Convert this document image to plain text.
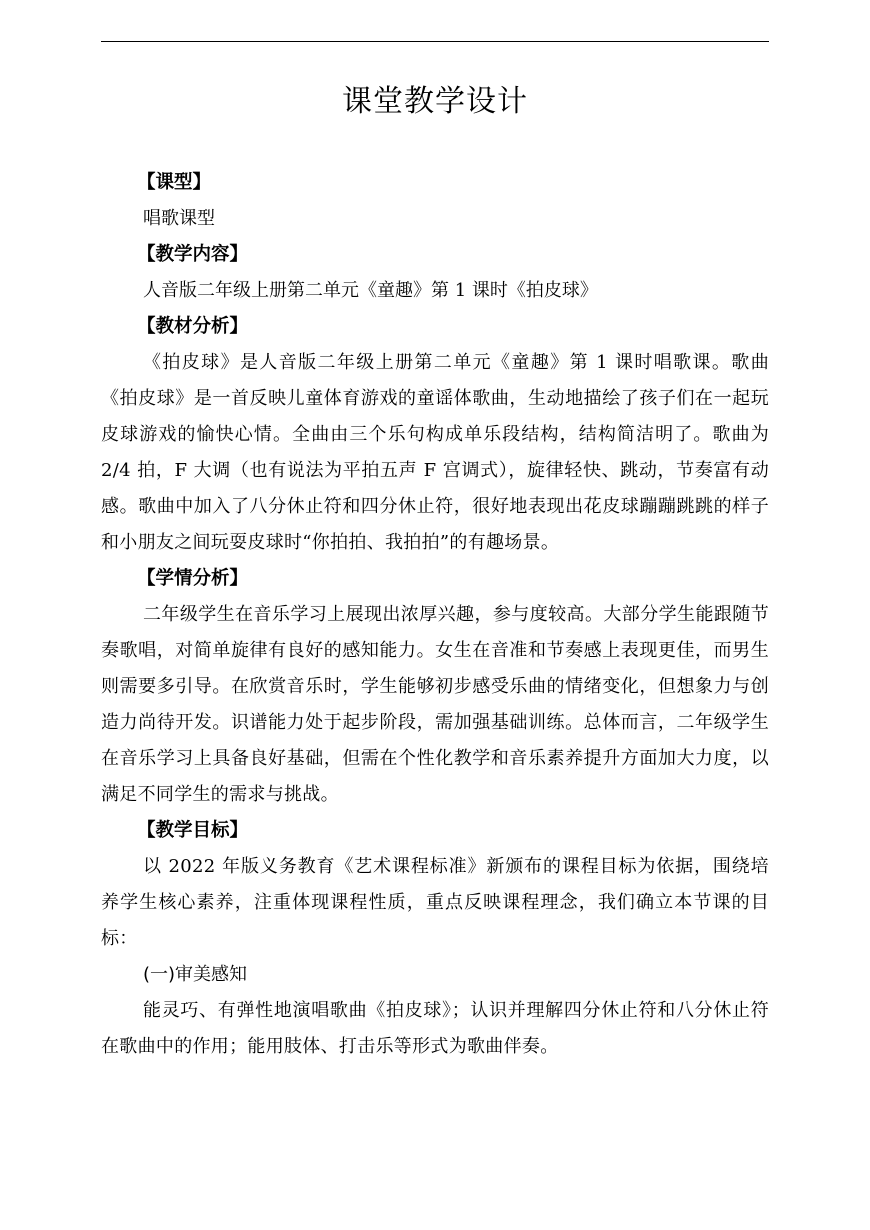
课堂教学设计
【课型】
唱歌课型
【教学内容】
人音版二年级上册第二单元《童趣》第 1 课时《拍皮球》
【教材分析】

《拍皮球》是人音版二年级上册第二单元《童趣》第 1 课时唱歌课。歌曲《拍皮球》是一首反映儿童体育游戏的童谣体歌曲，生动地描绘了孩子们在一起玩皮球游戏的愉快心情。全曲由三个乐句构成单乐段结构，结构简洁明了。歌曲为 2/4 拍，F 大调（也有说法为平拍五声 F 宫调式），旋律轻快、跳动，节奏富有动感。歌曲中加入了八分休止符和四分休止符，很好地表现出花皮球蹦蹦跳跳的样子和小朋友之间玩耍皮球时“你拍拍、我拍拍”的有趣场景。

【学情分析】

二年级学生在音乐学习上展现出浓厚兴趣，参与度较高。大部分学生能跟随节奏歌唱，对简单旋律有良好的感知能力。女生在音准和节奏感上表现更佳，而男生则需要多引导。在欣赏音乐时，学生能够初步感受乐曲的情绪变化，但想象力与创造力尚待开发。识谱能力处于起步阶段，需加强基础训练。总体而言，二年级学生在音乐学习上具备良好基础，但需在个性化教学和音乐素养提升方面加大力度，以满足不同学生的需求与挑战。

【教学目标】

以 2022 年版义务教育《艺术课程标准》新颁布的课程目标为依据，围绕培养学生核心素养，注重体现课程性质，重点反映课程理念，我们确立本节课的目标：

(一)审美感知

能灵巧、有弹性地演唱歌曲《拍皮球》；认识并理解四分休止符和八分休止符在歌曲中的作用；能用肢体、打击乐等形式为歌曲伴奏。
